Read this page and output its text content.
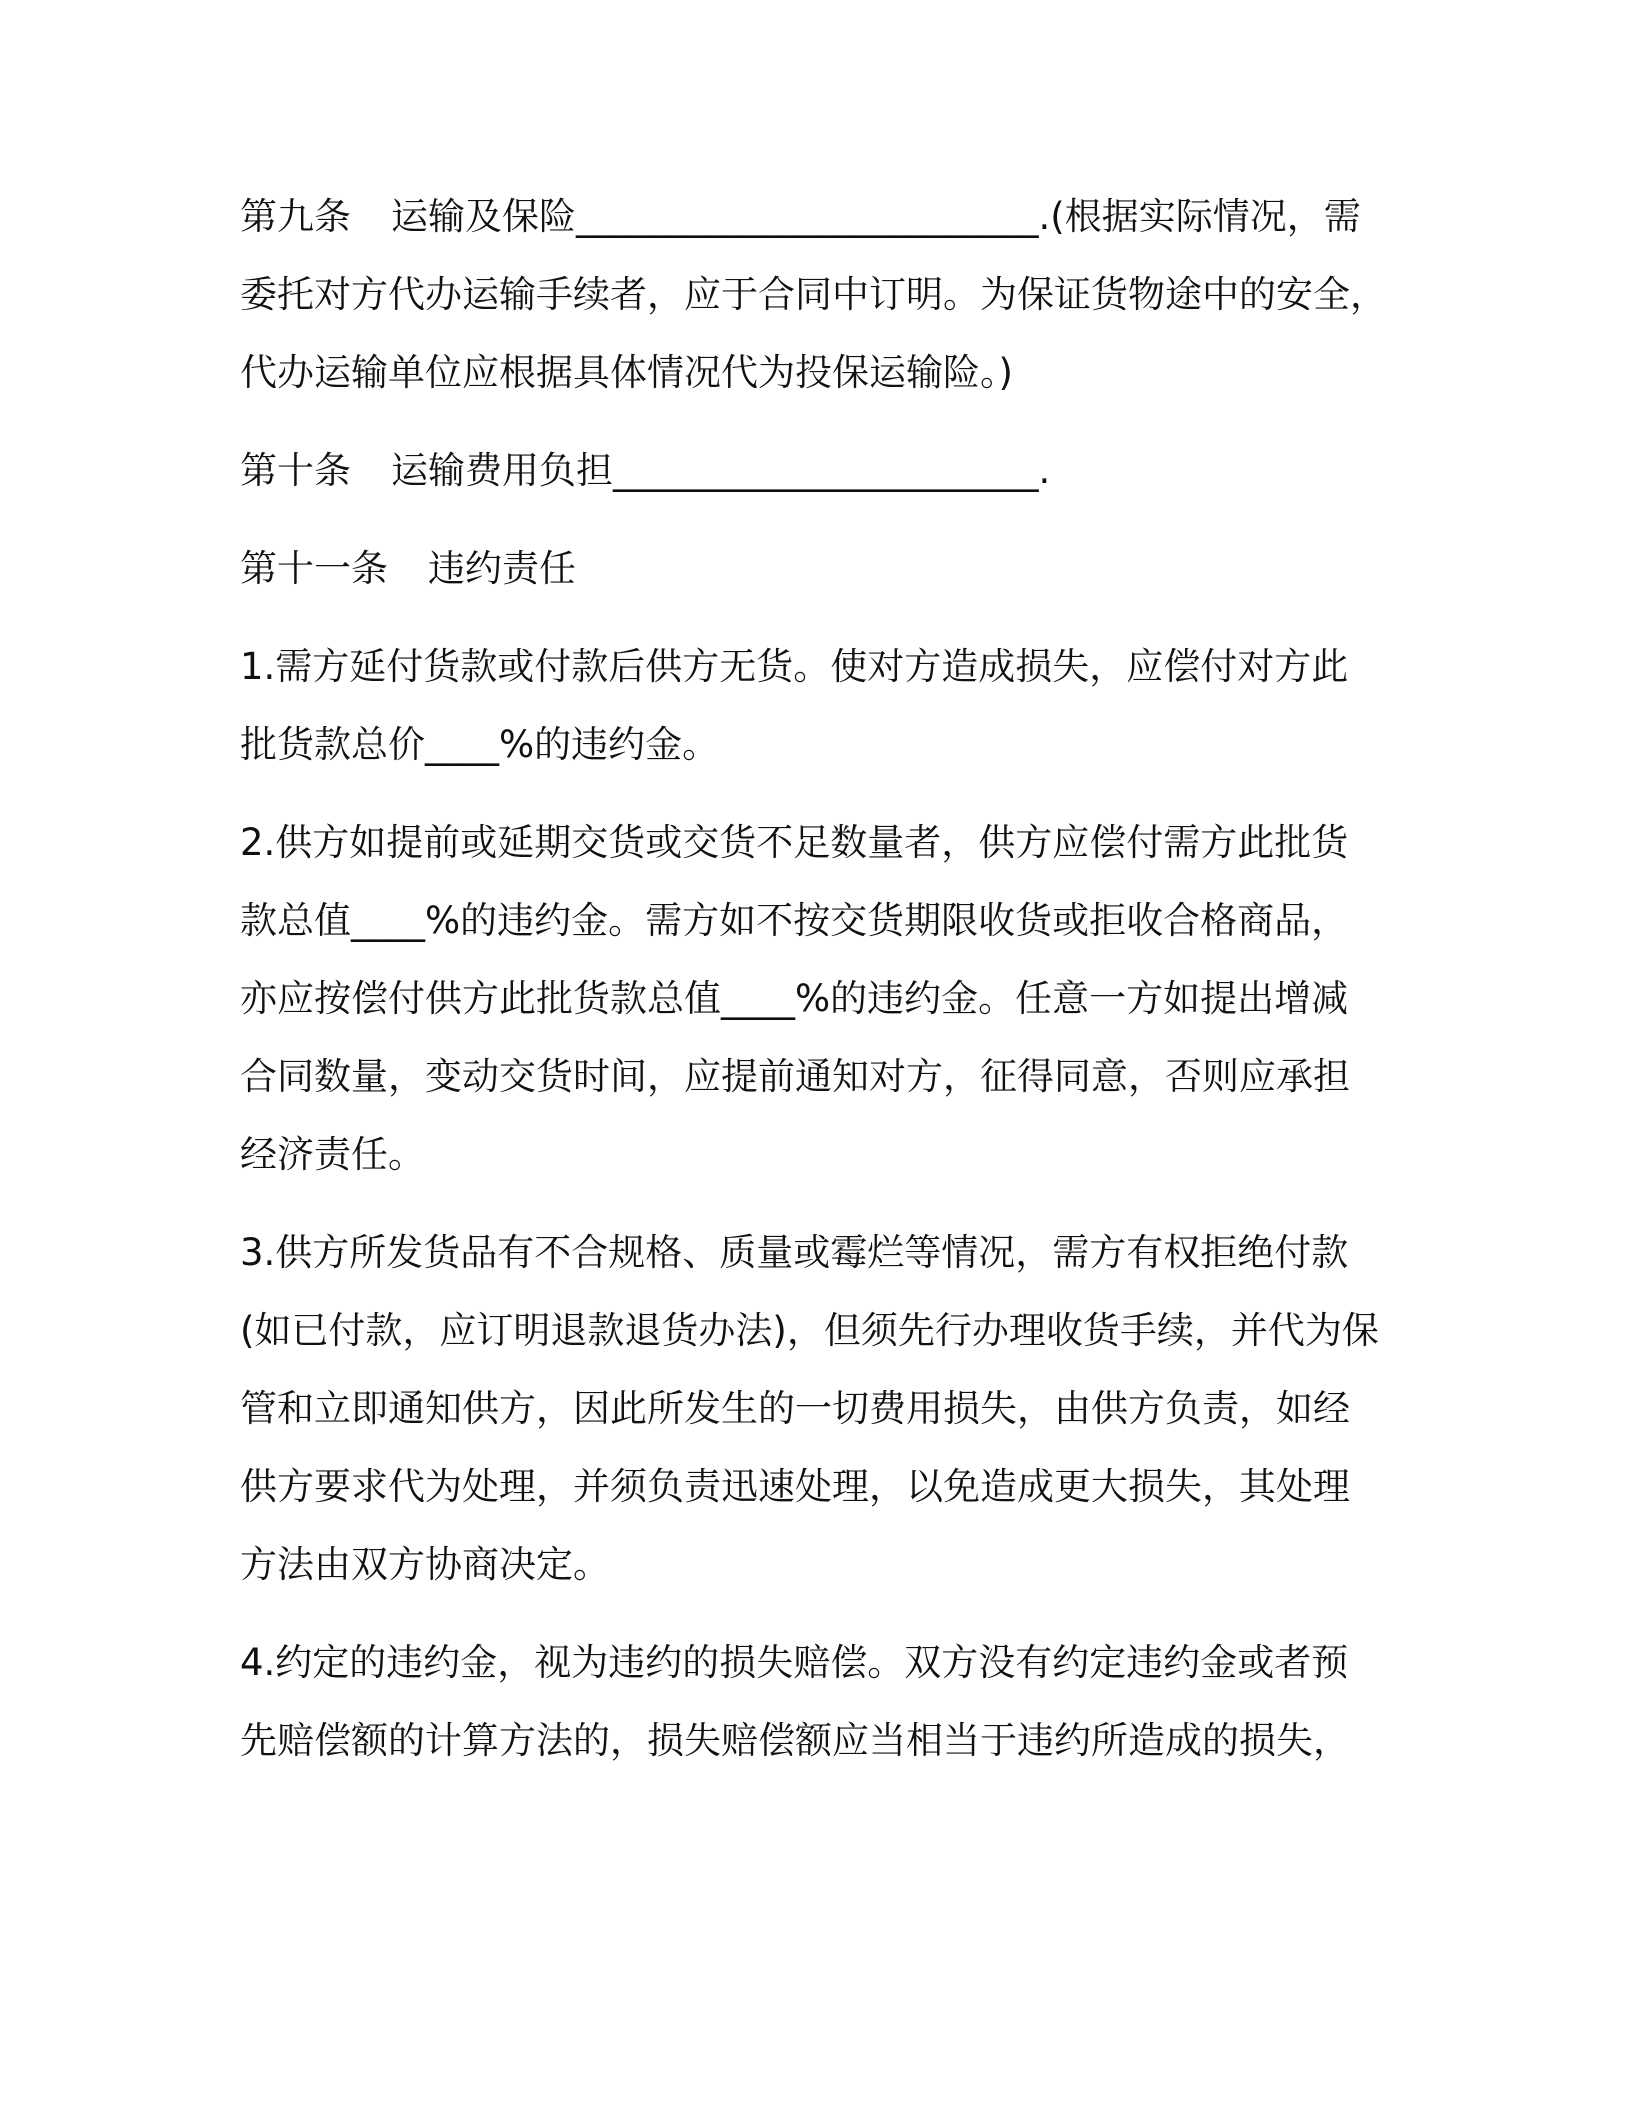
第九条 运输及保险_________________________.(根据实际情况，需
委托对方代办运输手续者，应于合同中订明。为保证货物途中的安全，
代办运输单位应根据具体情况代为投保运输险。)
第十条 运输费用负担_______________________.
第十一条 违约责任
1.需方延付货款或付款后供方无货。使对方造成损失，应偿付对方此
批货款总价____%的违约金。
2.供方如提前或延期交货或交货不足数量者，供方应偿付需方此批货
款总值____%的违约金。需方如不按交货期限收货或拒收合格商品，
亦应按偿付供方此批货款总值____%的违约金。任意一方如提出增减
合同数量，变动交货时间，应提前通知对方，征得同意，否则应承担
经济责任。
3.供方所发货品有不合规格、质量或霉烂等情况，需方有权拒绝付款
(如已付款，应订明退款退货办法)，但须先行办理收货手续，并代为保
管和立即通知供方，因此所发生的一切费用损失，由供方负责，如经
供方要求代为处理，并须负责迅速处理，以免造成更大损失，其处理
方法由双方协商决定。
4.约定的违约金，视为违约的损失赔偿。双方没有约定违约金或者预
先赔偿额的计算方法的，损失赔偿额应当相当于违约所造成的损失，
